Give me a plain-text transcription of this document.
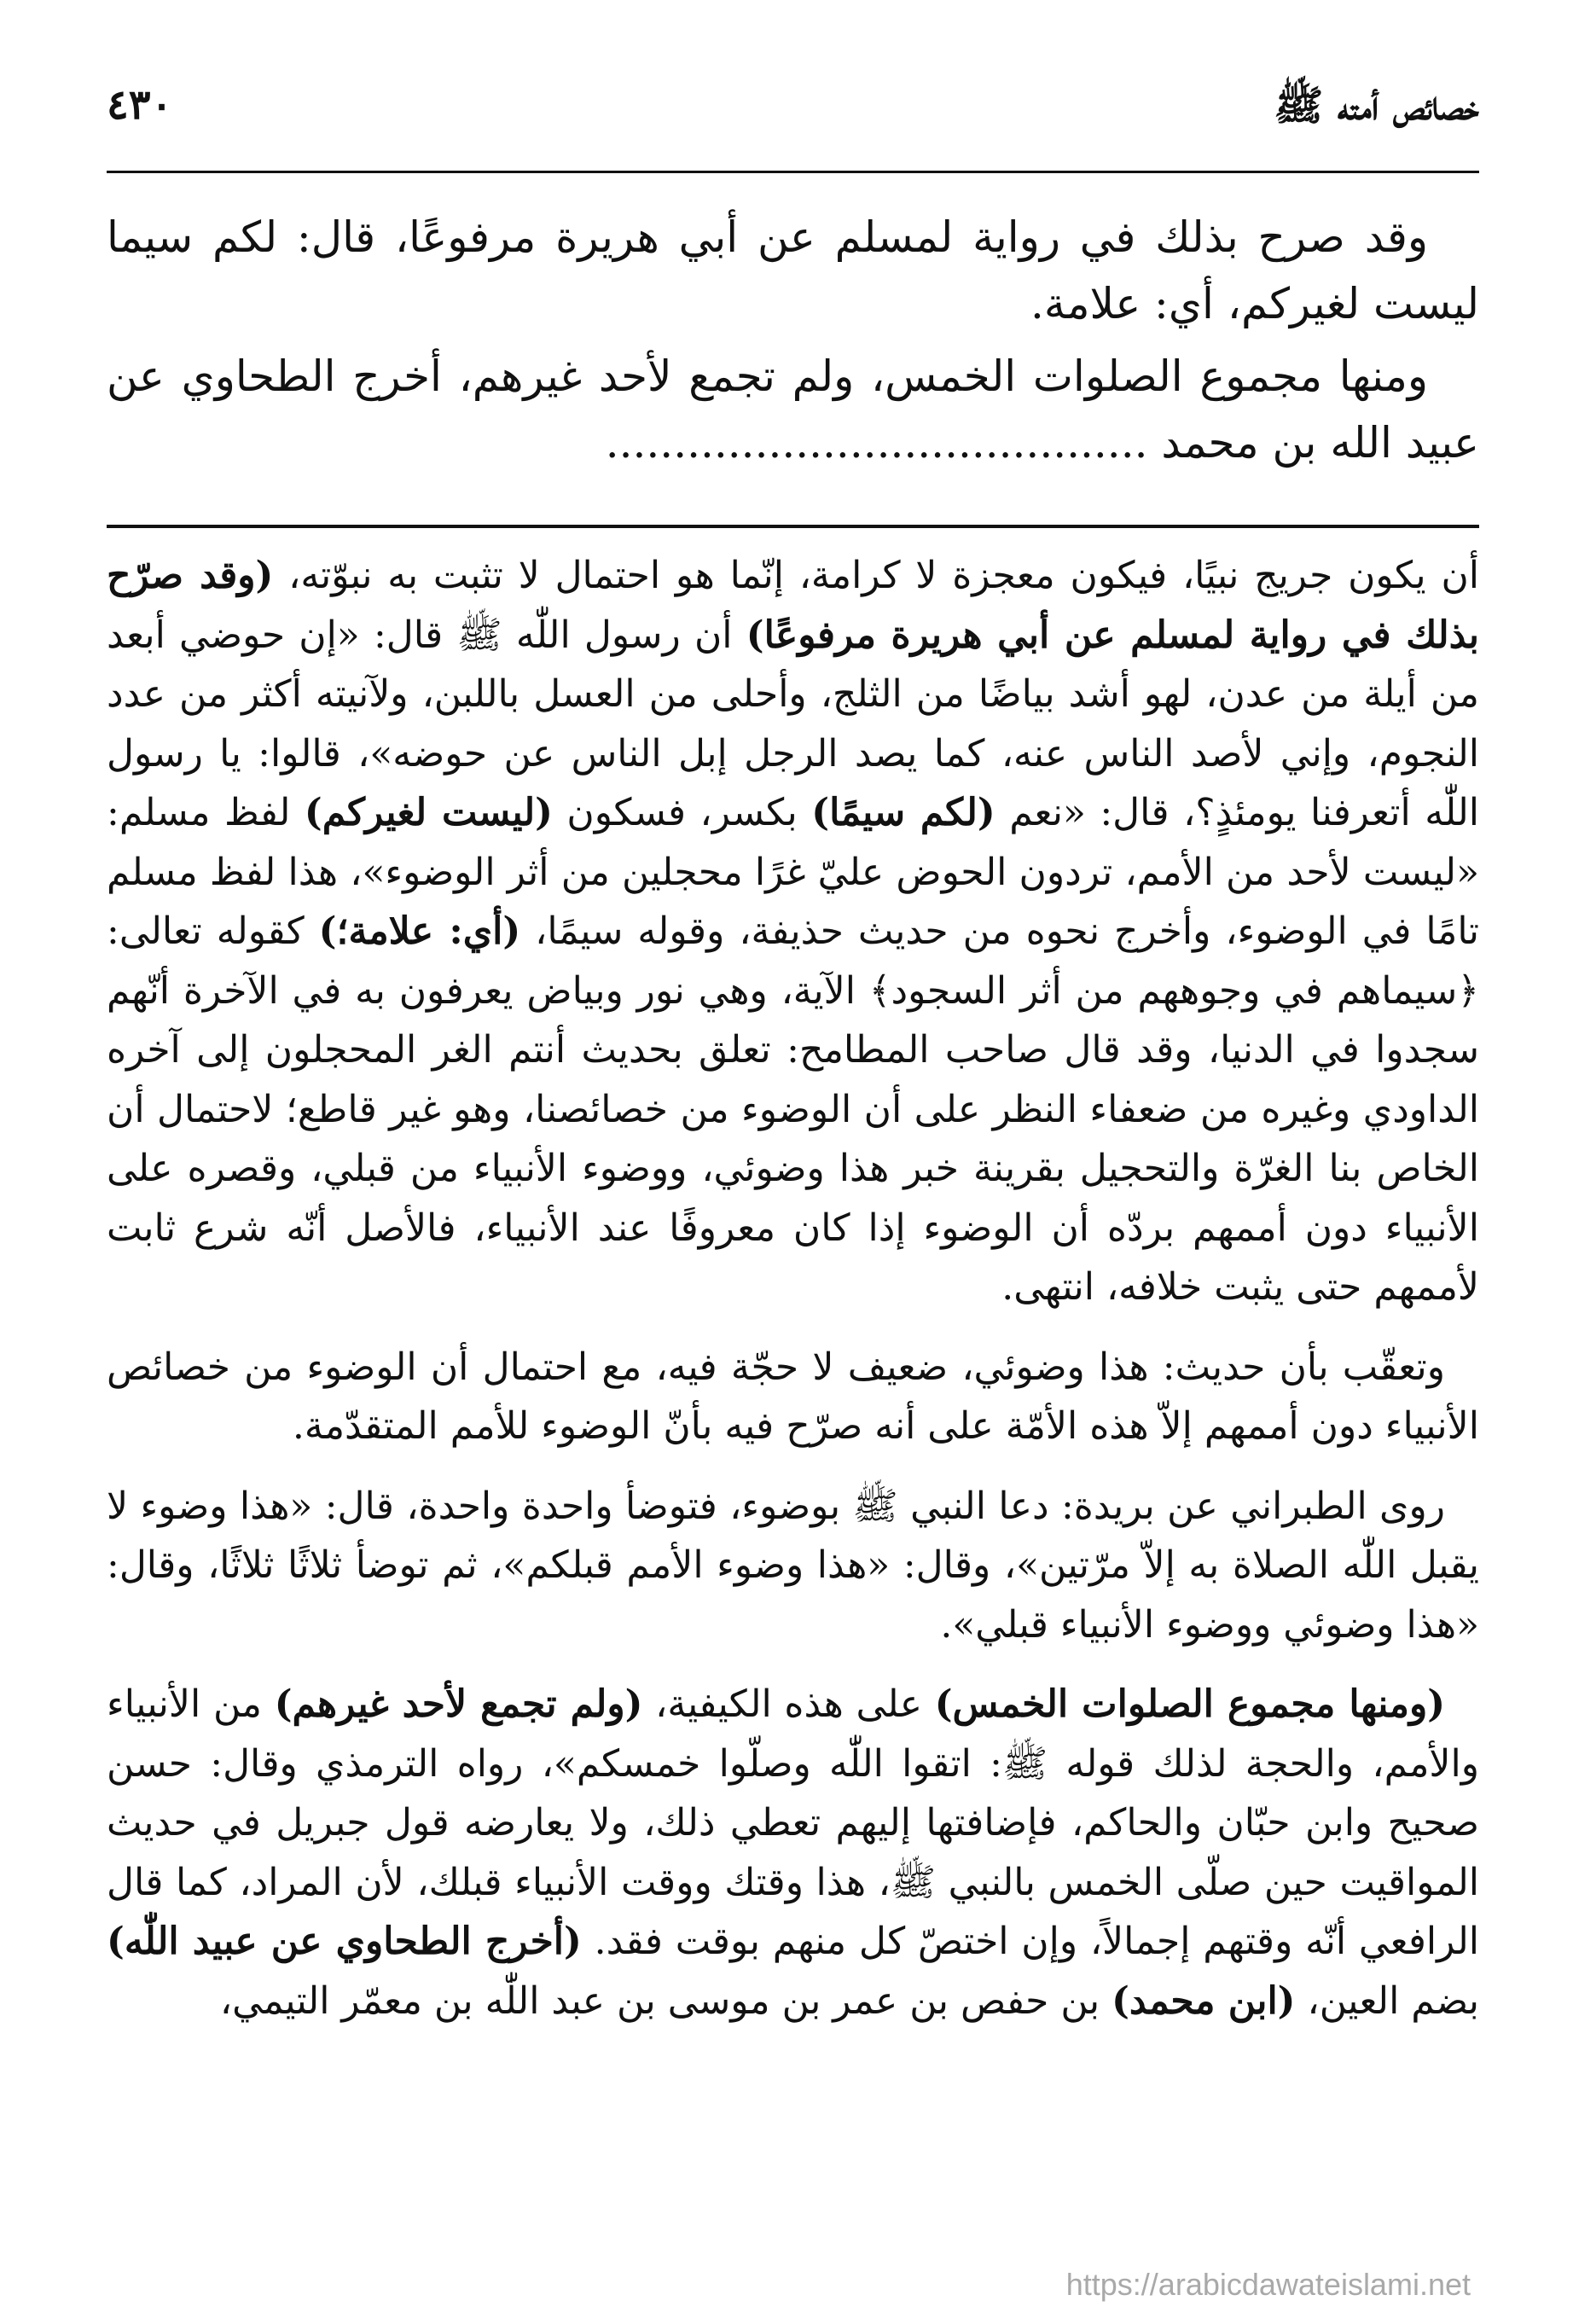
خصائص أمته ﷺ
٤٣٠

وقد صرح بذلك في رواية لمسلم عن أبي هريرة مرفوعًا، قال: لكم سيما ليست لغيركم، أي: علامة.

ومنها مجموع الصلوات الخمس، ولم تجمع لأحد غيرهم، أخرج الطحاوي عن عبيد الله بن محمد ........................................

أن يكون جريج نبيًا، فيكون معجزة لا كرامة، إنّما هو احتمال لا تثبت به نبوّته، (وقد صرّح بذلك في رواية لمسلم عن أبي هريرة مرفوعًا) أن رسول اللّٰه ﷺ قال: «إن حوضي أبعد من أيلة من عدن، لهو أشد بياضًا من الثلج، وأحلى من العسل باللبن، ولآنيته أكثر من عدد النجوم، وإني لأصد الناس عنه، كما يصد الرجل إبل الناس عن حوضه»، قالوا: يا رسول اللّٰه أتعرفنا يومئذٍ؟، قال: «نعم (لكم سيمًا) بكسر، فسكون (ليست لغيركم) لفظ مسلم: «ليست لأحد من الأمم، تردون الحوض عليّ غرًا محجلين من أثر الوضوء»، هذا لفظ مسلم تامًا في الوضوء، وأخرج نحوه من حديث حذيفة، وقوله سيمًا، (أي: علامة؛) كقوله تعالى: ﴿سيماهم في وجوههم من أثر السجود﴾ الآية، وهي نور وبياض يعرفون به في الآخرة أنّهم سجدوا في الدنيا، وقد قال صاحب المطامح: تعلق بحديث أنتم الغر المحجلون إلى آخره الداودي وغيره من ضعفاء النظر على أن الوضوء من خصائصنا، وهو غير قاطع؛ لاحتمال أن الخاص بنا الغرّة والتحجيل بقرينة خبر هذا وضوئي، ووضوء الأنبياء من قبلي، وقصره على الأنبياء دون أممهم بردّه أن الوضوء إذا كان معروفًا عند الأنبياء، فالأصل أنّه شرع ثابت لأممهم حتى يثبت خلافه، انتهى.

وتعقّب بأن حديث: هذا وضوئي، ضعيف لا حجّة فيه، مع احتمال أن الوضوء من خصائص الأنبياء دون أممهم إلاّ هذه الأمّة على أنه صرّح فيه بأنّ الوضوء للأمم المتقدّمة.

روى الطبراني عن بريدة: دعا النبي ﷺ بوضوء، فتوضأ واحدة واحدة، قال: «هذا وضوء لا يقبل اللّٰه الصلاة به إلاّ مرّتين»، وقال: «هذا وضوء الأمم قبلكم»، ثم توضأ ثلاثًا ثلاثًا، وقال: «هذا وضوئي ووضوء الأنبياء قبلي».

(ومنها مجموع الصلوات الخمس) على هذه الكيفية، (ولم تجمع لأحد غيرهم) من الأنبياء والأمم، والحجة لذلك قوله ﷺ: اتقوا اللّٰه وصلّوا خمسكم»، رواه الترمذي وقال: حسن صحيح وابن حبّان والحاكم، فإضافتها إليهم تعطي ذلك، ولا يعارضه قول جبريل في حديث المواقيت حين صلّى الخمس بالنبي ﷺ، هذا وقتك ووقت الأنبياء قبلك، لأن المراد، كما قال الرافعي أنّه وقتهم إجمالاً، وإن اختصّ كل منهم بوقت فقد. (أخرج الطحاوي عن عبيد اللّٰه) بضم العين، (ابن محمد) بن حفص بن عمر بن موسى بن عبد اللّٰه بن معمّر التيمي،

https://arabicdawateislami.net
